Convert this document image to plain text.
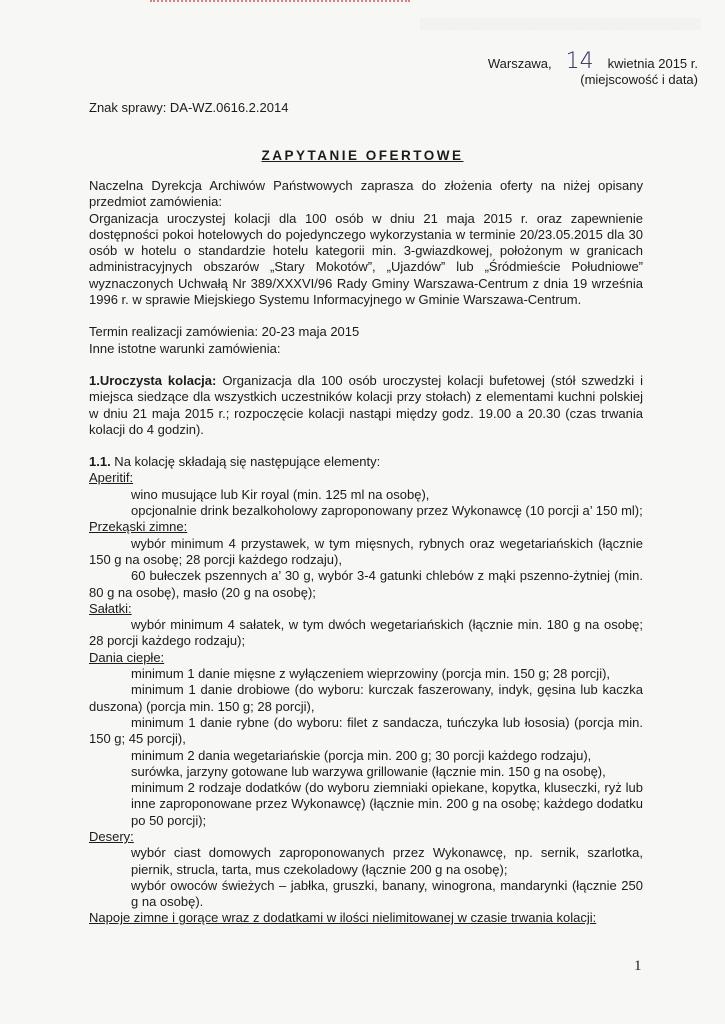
▒▒▒▒▒▒▒▒▒▒▒▒▒▒▒▒▒▒▒▒▒▒▒▒▒▒▒▒▒▒▒▒▒▒▒▒
Warszawa, 14 kwietnia 2015 r.
(miejscowość i data)
Znak sprawy: DA-WZ.0616.2.2014
ZAPYTANIE OFERTOWE

Naczelna Dyrekcja Archiwów Państwowych zaprasza do złożenia oferty na niżej opisany przedmiot zamówienia:

Organizacja uroczystej kolacji dla 100 osób w dniu 21 maja 2015 r. oraz zapewnienie dostępności pokoi hotelowych do pojedynczego wykorzystania w terminie 20/23.05.2015 dla 30 osób w hotelu o standardzie hotelu kategorii min. 3-gwiazdkowej, położonym w granicach administracyjnych obszarów „Stary Mokotów”, „Ujazdów” lub „Śródmieście Południowe” wyznaczonych Uchwałą Nr 389/XXXVI/96 Rady Gminy Warszawa-Centrum z dnia 19 września 1996 r. w sprawie Miejskiego Systemu Informacyjnego w Gminie Warszawa-Centrum.

Termin realizacji zamówienia: 20-23 maja 2015

Inne istotne warunki zamówienia:

1.Uroczysta kolacja: Organizacja dla 100 osób uroczystej kolacji bufetowej (stół szwedzki i miejsca siedzące dla wszystkich uczestników kolacji przy stołach) z elementami kuchni polskiej w dniu 21 maja 2015 r.; rozpoczęcie kolacji nastąpi między godz. 19.00 a 20.30 (czas trwania kolacji do 4 godzin).

1.1. Na kolację składają się następujące elementy:

Aperitif:

wino musujące lub Kir royal (min. 125 ml na osobę),

opcjonalnie drink bezalkoholowy zaproponowany przez Wykonawcę (10 porcji a’ 150 ml);

Przekąski zimne:

wybór minimum 4 przystawek, w tym mięsnych, rybnych oraz wegetariańskich (łącznie 150 g na osobę; 28 porcji każdego rodzaju),

60 bułeczek pszennych a’ 30 g, wybór 3-4 gatunki chlebów z mąki pszenno-żytniej (min. 80 g na osobę), masło (20 g na osobę);

Sałatki:

wybór minimum 4 sałatek, w tym dwóch wegetariańskich (łącznie min. 180 g na osobę; 28 porcji każdego rodzaju);

Dania ciepłe:

minimum 1 danie mięsne z wyłączeniem wieprzowiny (porcja min. 150 g; 28 porcji),

minimum 1 danie drobiowe (do wyboru: kurczak faszerowany, indyk, gęsina lub kaczka duszona) (porcja min. 150 g; 28 porcji),

minimum 1 danie rybne (do wyboru: filet z sandacza, tuńczyka lub łososia) (porcja min. 150 g; 45 porcji),

minimum 2 dania wegetariańskie (porcja min. 200 g; 30 porcji każdego rodzaju),

surówka, jarzyny gotowane lub warzywa grillowanie (łącznie min. 150 g na osobę),

minimum 2 rodzaje dodatków (do wyboru ziemniaki opiekane, kopytka, kluseczki, ryż lub inne zaproponowane przez Wykonawcę) (łącznie min. 200 g na osobę; każdego dodatku po 50 porcji);

Desery:

wybór ciast domowych zaproponowanych przez Wykonawcę, np. sernik, szarlotka, piernik, strucla, tarta, mus czekoladowy (łącznie 200 g na osobę);

wybór owoców świeżych – jabłka, gruszki, banany, winogrona, mandarynki (łącznie 250 g na osobę).

Napoje zimne i gorące wraz z dodatkami w ilości nielimitowanej w czasie trwania kolacji:

1
